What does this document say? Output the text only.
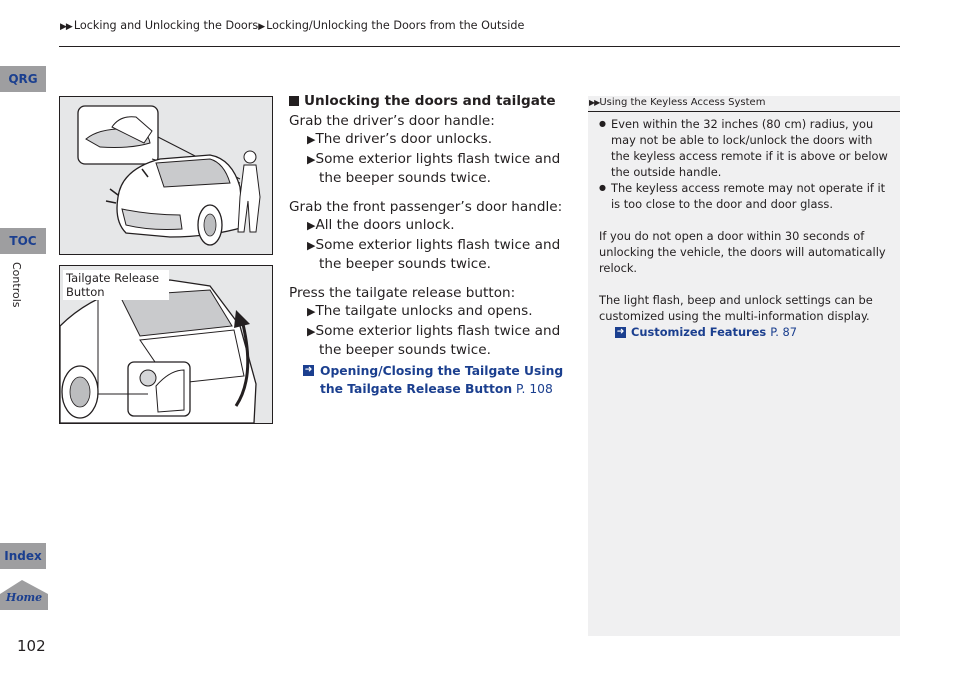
▶▶ Locking and Unlocking the Doors▶ Locking/Unlocking the Doors from the Outside
QRG
TOC
Controls
Index
Home
102
Tailgate Release Button
Unlocking the doors and tailgate

Grab the driver’s door handle:

▶The driver’s door unlocks.

▶Some exterior lights flash twice and the beeper sounds twice.

Grab the front passenger’s door handle:

▶All the doors unlock.

▶Some exterior lights flash twice and the beeper sounds twice.

Press the tailgate release button:

▶The tailgate unlocks and opens.

▶Some exterior lights flash twice and the beeper sounds twice.

➜ Opening/Closing the Tailgate Using the Tailgate Release Button P. 108
▶▶Using the Keyless Access System
● Even within the 32 inches (80 cm) radius, you may not be able to lock/unlock the doors with the keyless access remote if it is above or below the outside handle.
● The keyless access remote may not operate if it is too close to the door and door glass.

If you do not open a door within 30 seconds of unlocking the vehicle, the doors will automatically relock.

The light flash, beep and unlock settings can be customized using the multi-information display.

➜ Customized Features P. 87
